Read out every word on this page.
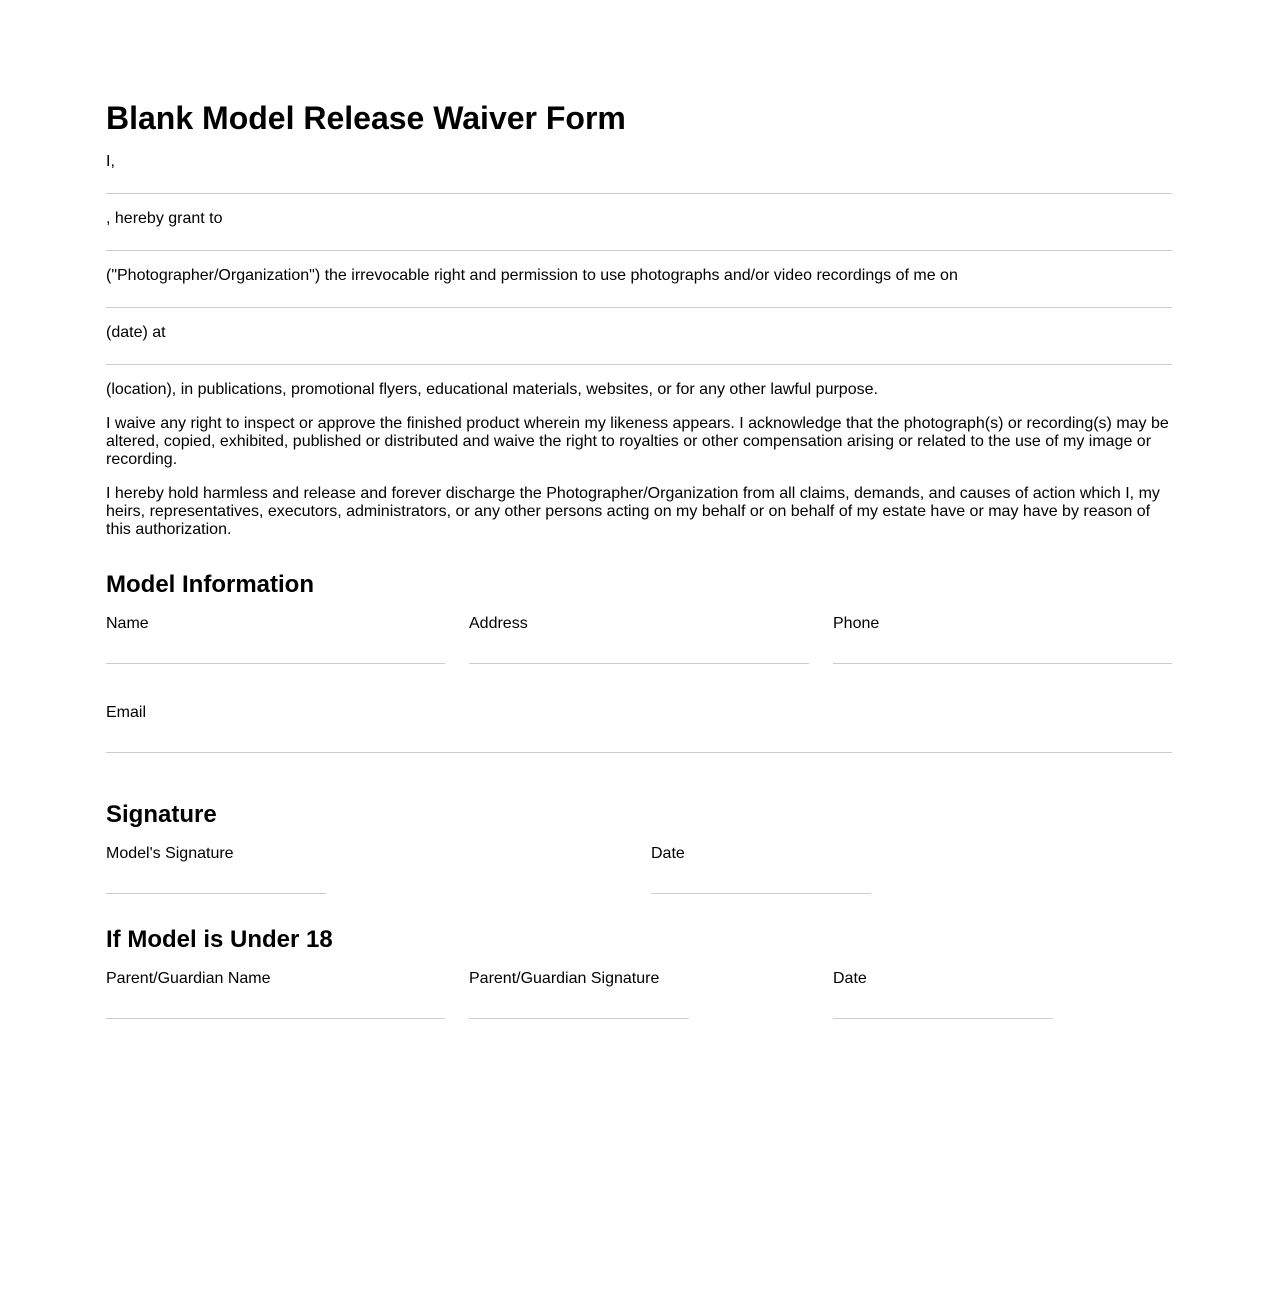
Blank Model Release Waiver Form
I,
, hereby grant to
("Photographer/Organization") the irrevocable right and permission to use photographs and/or video recordings of me on
(date) at
(location), in publications, promotional flyers, educational materials, websites, or for any other lawful purpose.
I waive any right to inspect or approve the finished product wherein my likeness appears. I acknowledge that the photograph(s) or recording(s) may be altered, copied, exhibited, published or distributed and waive the right to royalties or other compensation arising or related to the use of my image or recording.
I hereby hold harmless and release and forever discharge the Photographer/Organization from all claims, demands, and causes of action which I, my heirs, representatives, executors, administrators, or any other persons acting on my behalf or on behalf of my estate have or may have by reason of this authorization.
Model Information
Name	Address	Phone
Email
Signature
Model's Signature	Date
If Model is Under 18
Parent/Guardian Name	Parent/Guardian Signature	Date
